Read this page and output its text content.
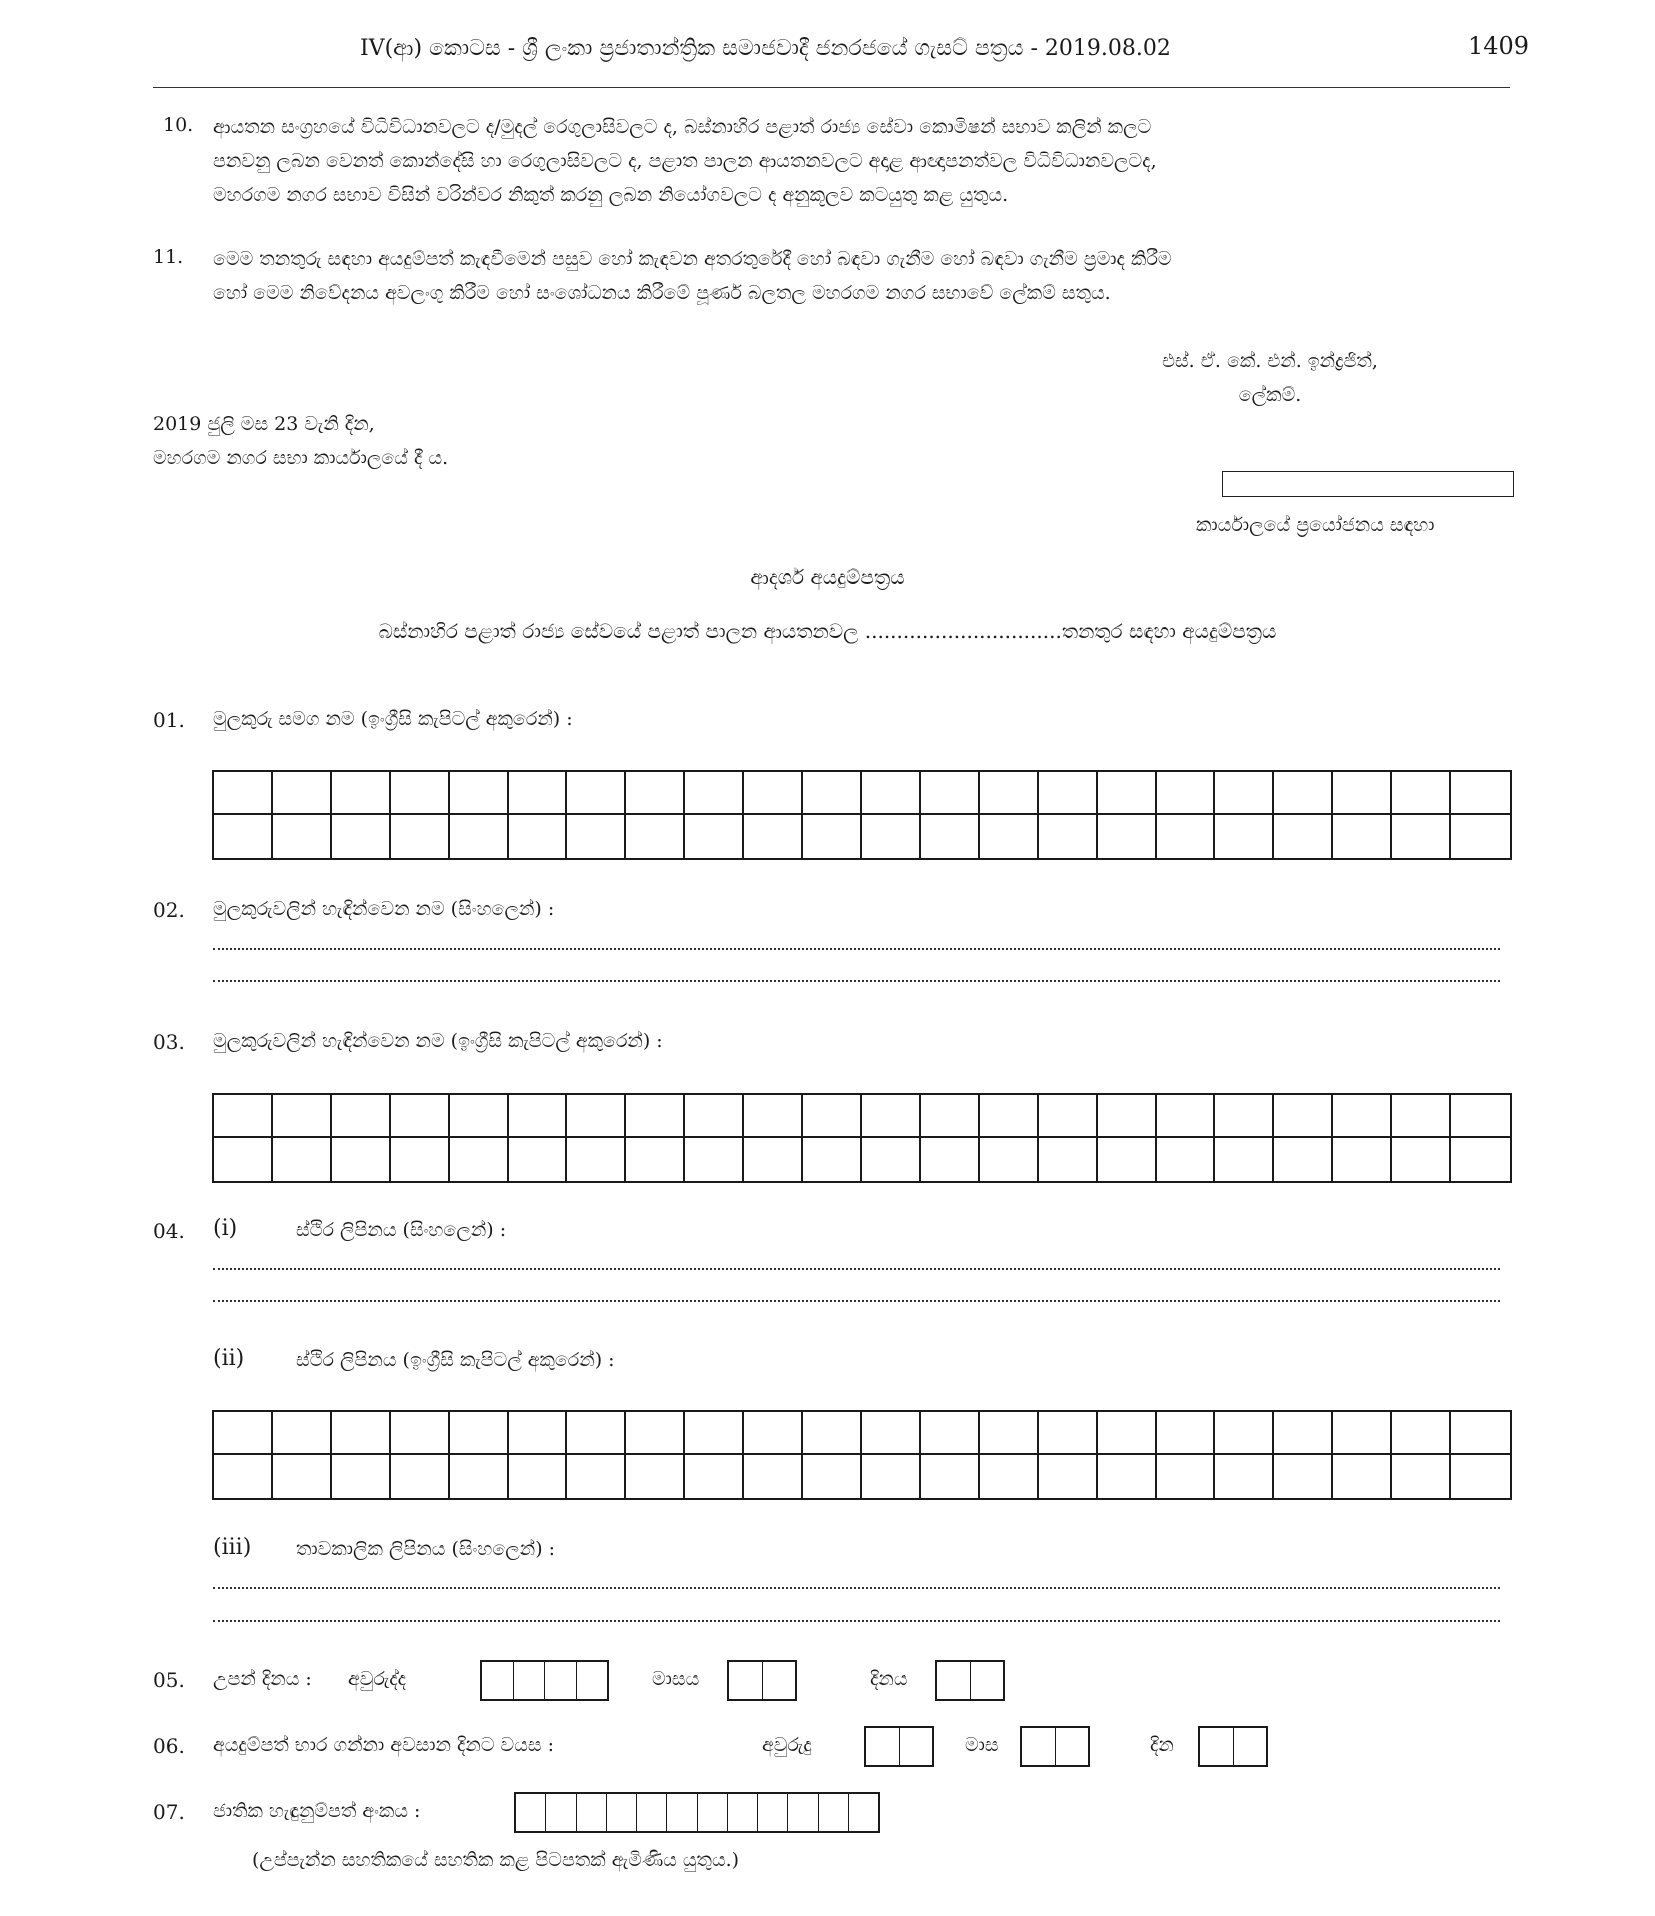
IV(ආ) කොටස - ශ්‍රී ලංකා ප්‍රජාතාන්ත්‍රික සමාජවාදී ජනරජයේ ගැසට් පත්‍රය - 2019.08.02	1409
10. ආයතන සංග්‍රහයේ විධිවිධානවලට ද/මුදල් රෙගුලාසිවලට ද, බස්නාහිර පළාත් රාජ්‍ය සේවා කොමිෂන් සභාව කලින් කලට
පනවනු ලබන වෙනත් කොන්දේසි හා රෙගුලාසිවලට ද, පළාත පාලන ආයතනවලට අදාළ ආඥාපනත්වල විධිවිධානවලටද,
මහරගම නගර සභාව විසින් වරින්වර නිකුත් කරනු ලබන නියෝගවලට ද අනුකූලව කටයුතු කළ යුතුය.
11. මෙම තනතුරු සඳහා අයදුම්පත් කැඳවීමෙන් පසුව හෝ කැඳවන අතරතුරේදී හෝ බඳවා ගැනීම හෝ බඳවා ගැනීම ප්‍රමාද කිරීම
හෝ මෙම නිවේදනය අවලංගු කිරීම හෝ සංශෝධනය කිරීමේ පූර්ණ බලතල මහරගම නගර සභාවේ ලේකම් සතුය.
එස්. ඒ. කේ. එන්. ඉන්ද්‍රජිත්,
ලේකම්.
2019 ජුලි මස 23 වැනි දින,
මහරගම නගර සභා කාර්යාලයේ දී ය.
කාර්යාලයේ ප්‍රයෝජනය සඳහා
ආදර්ශ අයදුම්පත්‍රය
බස්නාහිර පළාත් රාජ්‍ය සේවයේ පළාත් පාලන ආයතනවල ...............................තනතුර සඳහා අයදුම්පත්‍රය
01. මුලකුරු සමග නම (ඉංග්‍රීසි කැපිටල් අකුරෙන්) :
02. මුලකුරුවලින් හැඳින්වෙන නම (සිංහලෙන්) :
03. මුලකුරුවලින් හැඳින්වෙන නම (ඉංග්‍රීසි කැපිටල් අකුරෙන්) :
04. (i)	ස්ථිර ලිපිනය (සිංහලෙන්) :
(ii)	ස්ථිර ලිපිනය (ඉංග්‍රීසි කැපිටල් අකුරෙන්) :
(iii) තාවකාලික ලිපිනය (සිංහලෙන්) :
05. උපන් දිනය : අවුරුද්ද	මාසය	දිනය
06. අයදුම්පත් භාර ගන්නා අවසාන දිනට වයස :	අවුරුදු	මාස	දින
07. ජාතික හැඳුනුම්පත් අංකය :
(උප්පැන්න සහතිකයේ සහතික කළ පිටපතක් ඇමිණිය යුතුය.)
